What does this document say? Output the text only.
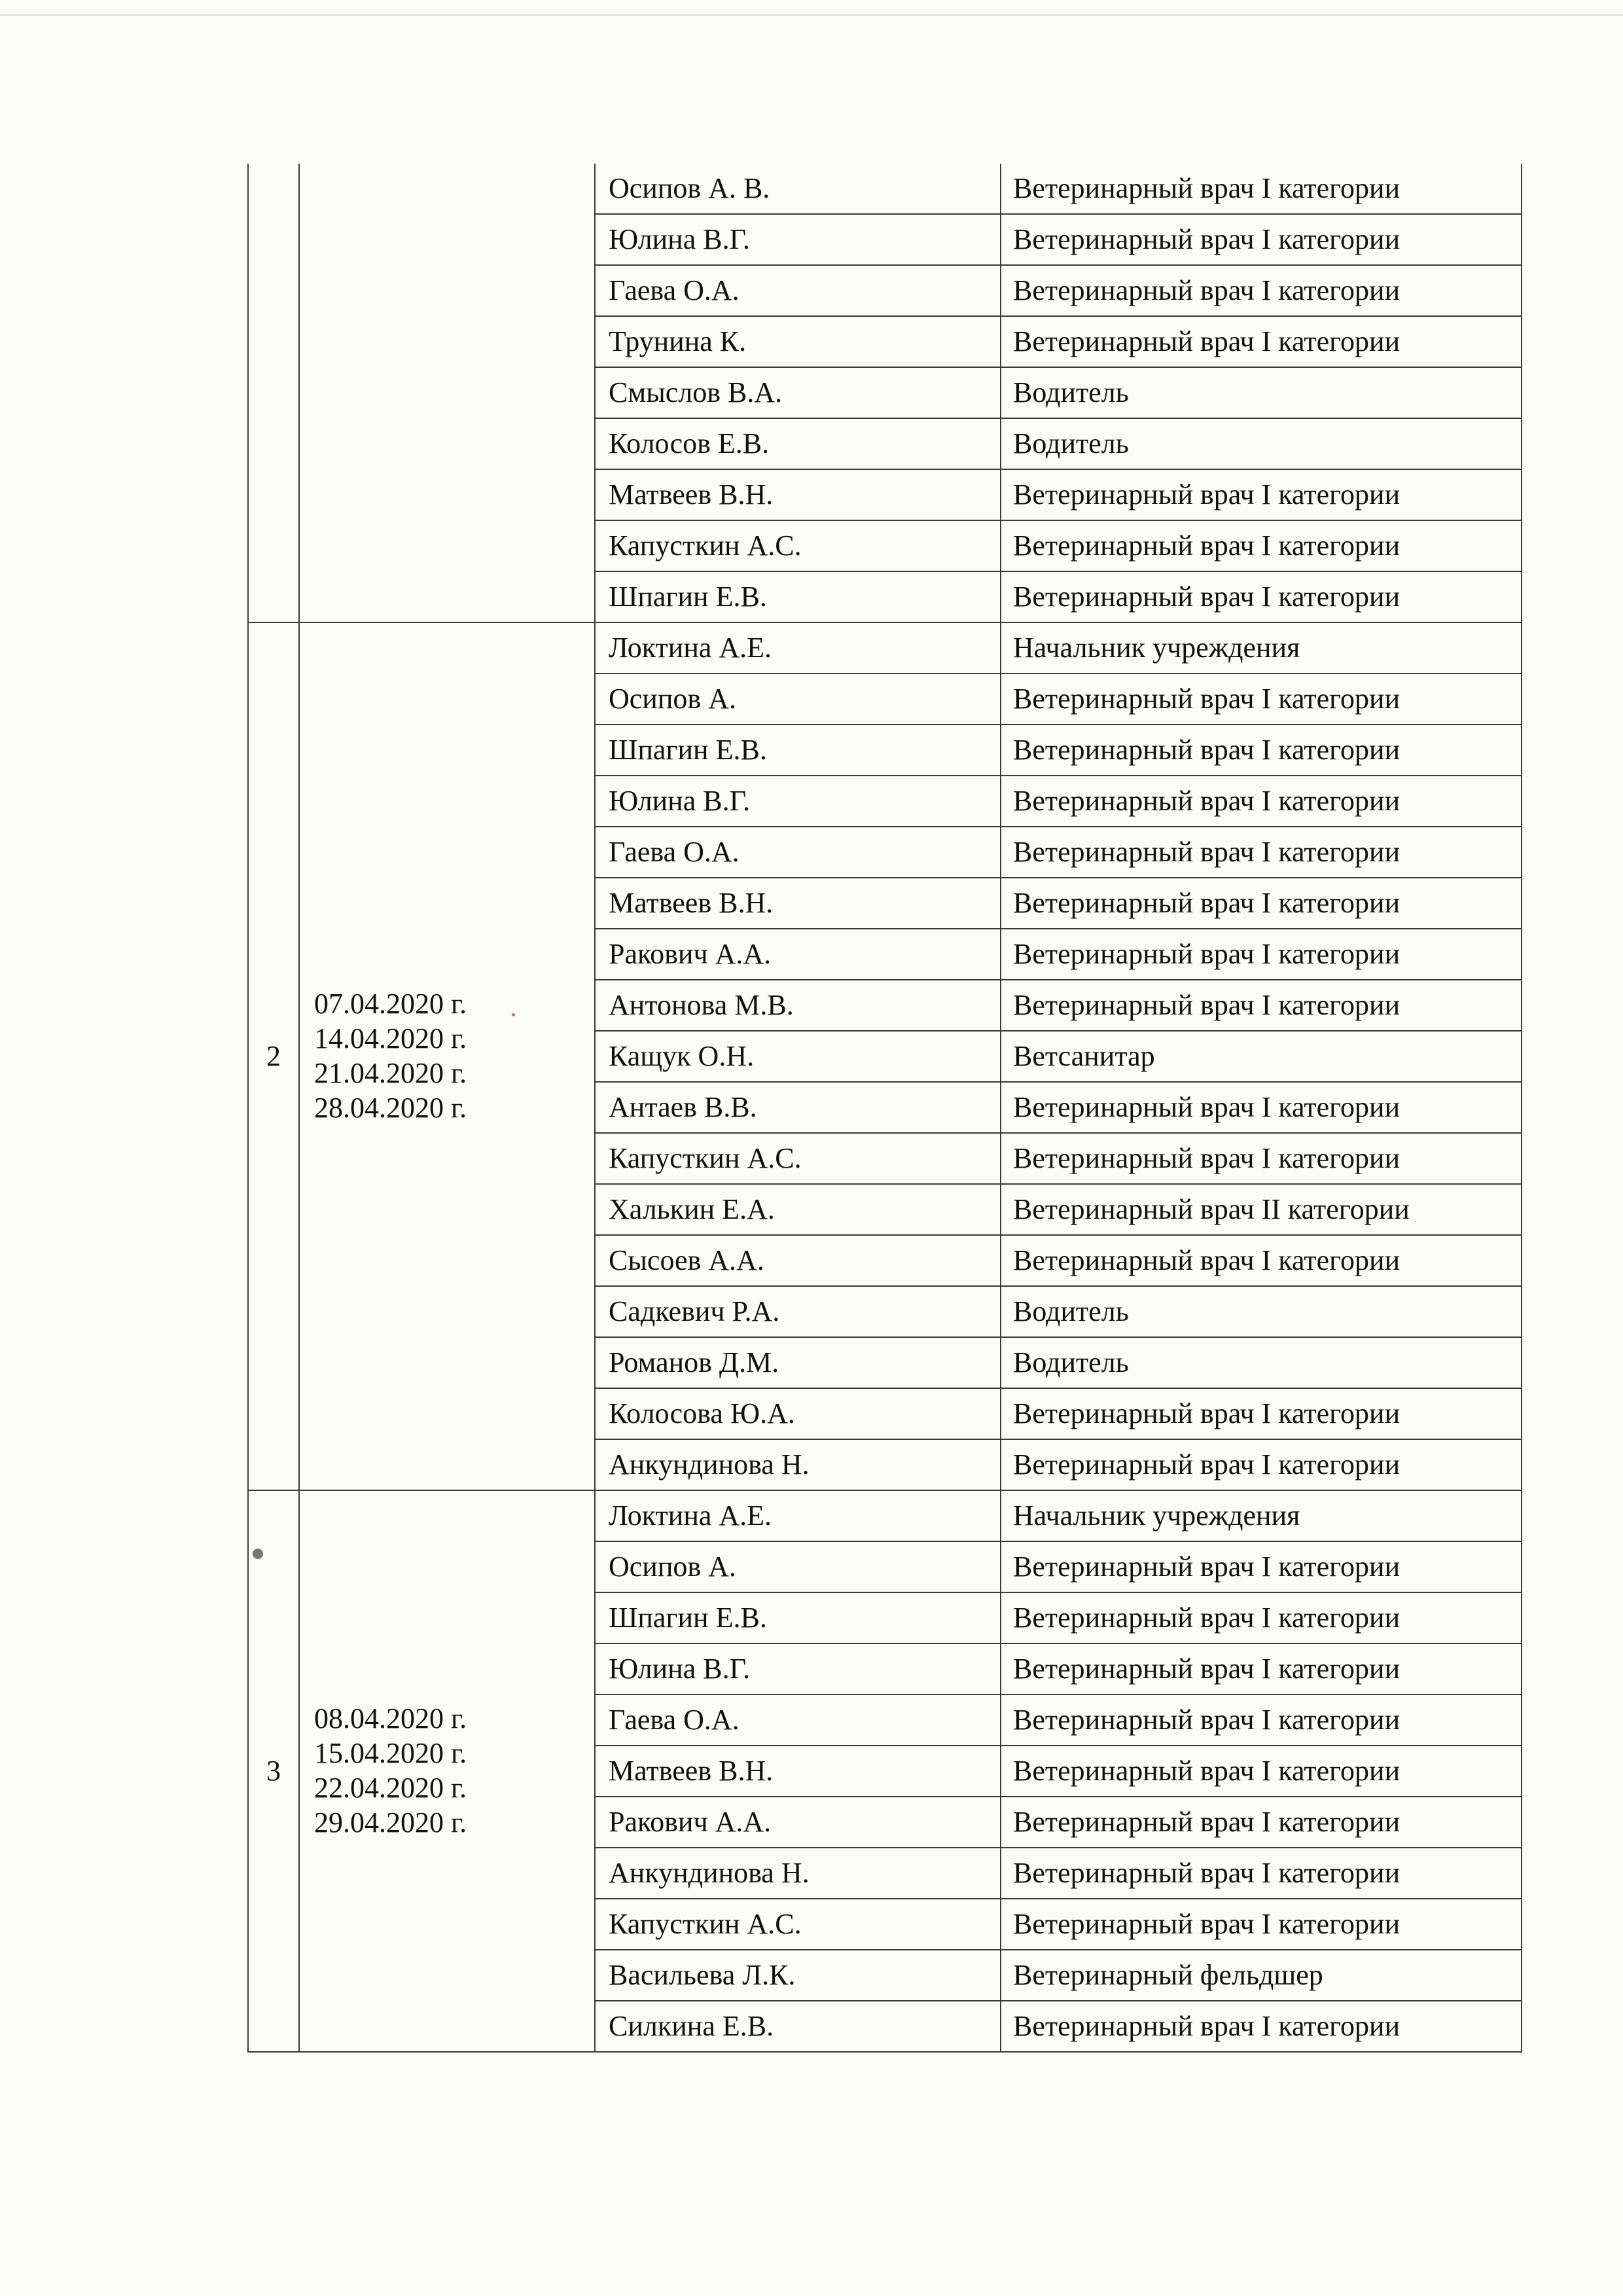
		Осипов А. В.	Ветеринарный врач I категории
		Юлина В.Г.	Ветеринарный врач I категории
		Гаева О.А.	Ветеринарный врач I категории
		Трунина К.	Ветеринарный врач I категории
		Смыслов В.А.	Водитель
		Колосов Е.В.	Водитель
		Матвеев В.Н.	Ветеринарный врач I категории
		Капусткин А.С.	Ветеринарный врач I категории
		Шпагин Е.В.	Ветеринарный врач I категории
2	07.04.2020 г.
14.04.2020 г.
21.04.2020 г.
28.04.2020 г.	Локтина А.Е.	Начальник учреждения
		Осипов А.	Ветеринарный врач I категории
		Шпагин Е.В.	Ветеринарный врач I категории
		Юлина В.Г.	Ветеринарный врач I категории
		Гаева О.А.	Ветеринарный врач I категории
		Матвеев В.Н.	Ветеринарный врач I категории
		Ракович А.А.	Ветеринарный врач I категории
		Антонова М.В.	Ветеринарный врач I категории
		Кащук О.Н.	Ветсанитар
		Антаев В.В.	Ветеринарный врач I категории
		Капусткин А.С.	Ветеринарный врач I категории
		Халькин Е.А.	Ветеринарный врач II категории
		Сысоев А.А.	Ветеринарный врач I категории
		Садкевич Р.А.	Водитель
		Романов Д.М.	Водитель
		Колосова Ю.А.	Ветеринарный врач I категории
		Анкундинова Н.	Ветеринарный врач I категории
3	08.04.2020 г.
15.04.2020 г.
22.04.2020 г.
29.04.2020 г.	Локтина А.Е.	Начальник учреждения
		Осипов А.	Ветеринарный врач I категории
		Шпагин Е.В.	Ветеринарный врач I категории
		Юлина В.Г.	Ветеринарный врач I категории
		Гаева О.А.	Ветеринарный врач I категории
		Матвеев В.Н.	Ветеринарный врач I категории
		Ракович А.А.	Ветеринарный врач I категории
		Анкундинова Н.	Ветеринарный врач I категории
		Капусткин А.С.	Ветеринарный врач I категории
		Васильева Л.К.	Ветеринарный фельдшер
		Силкина Е.В.	Ветеринарный врач I категории
